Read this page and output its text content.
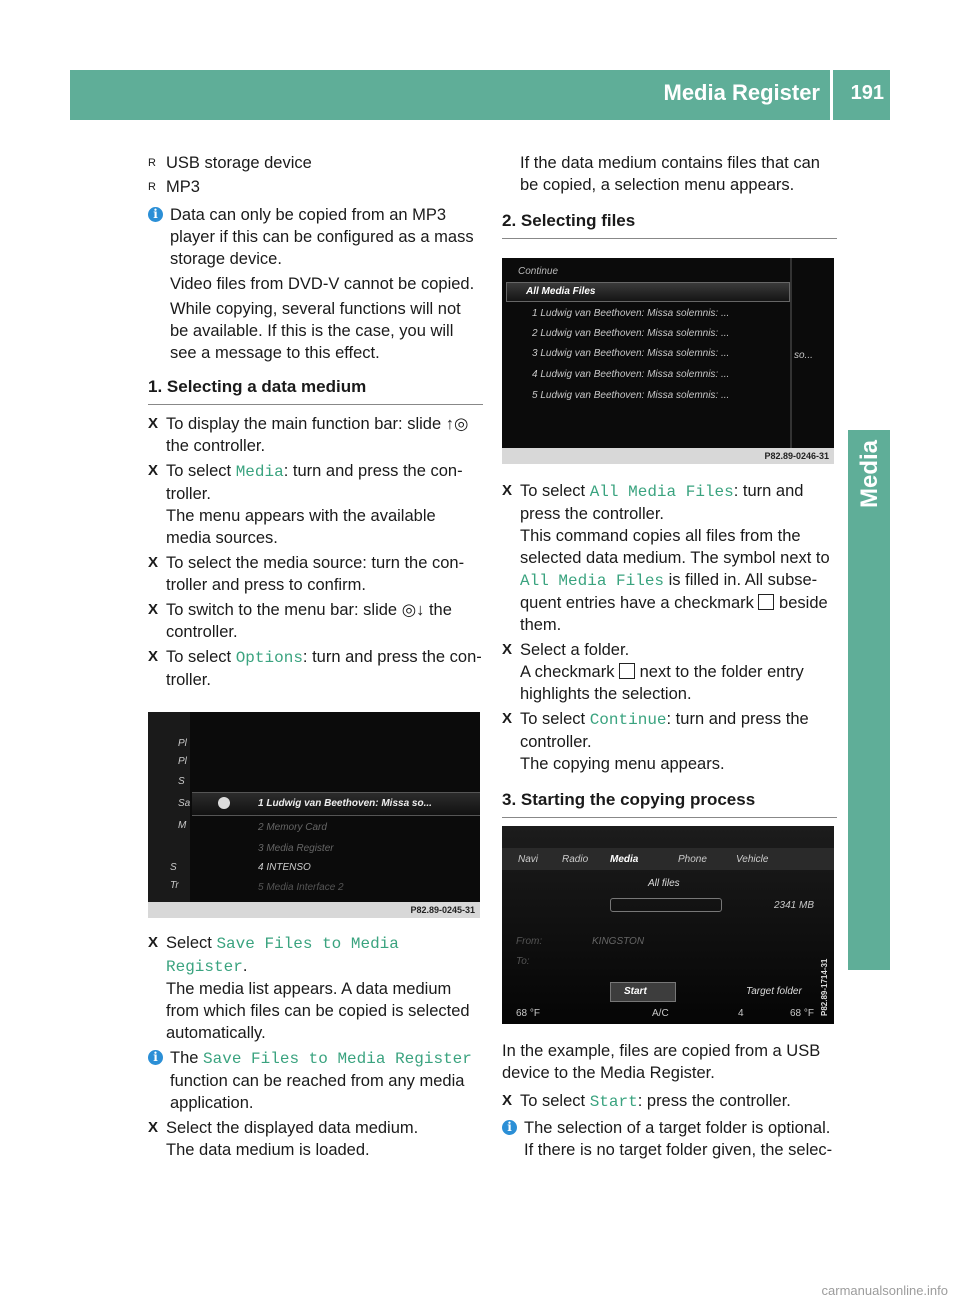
Media Register 191
Media
R USB storage device
R MP3
i Data can only be copied from an MP3 player if this can be configured as a mass storage device.
Video files from DVD-V cannot be copied.
While copying, several functions will not be available. If this is the case, you will see a message to this effect.
1. Selecting a data medium
X To display the main function bar: slide ↑◎ the controller.
X To select Media: turn and press the con-troller.
The menu appears with the available media sources.
X To select the media source: turn the con-troller and press to confirm.
X To switch to the menu bar: slide ◎↓ the controller.
X To select Options: turn and press the con-troller.
Pl
Pl
S
Sa
M
S
Tr
1 Ludwig van Beethoven: Missa so...
2 Memory Card
3 Media Register
4 INTENSO
5 Media Interface 2
P82.89-0245-31
X Select Save Files to Media Register.
The media list appears. A data medium from which files can be copied is selected automatically.
i The Save Files to Media Register function can be reached from any media application.
X Select the displayed data medium.
The data medium is loaded.
If the data medium contains files that can be copied, a selection menu appears.
2. Selecting files
Continue
All Media Files
1 Ludwig van Beethoven: Missa solemnis: ...
2 Ludwig van Beethoven: Missa solemnis: ...
3 Ludwig van Beethoven: Missa solemnis: ...
4 Ludwig van Beethoven: Missa solemnis: ...
5 Ludwig van Beethoven: Missa solemnis: ...
so...
P82.89-0246-31
X To select All Media Files: turn and press the controller.
This command copies all files from the selected data medium. The symbol next to All Media Files is filled in. All subse-quent entries have a checkmark  beside them.
X Select a folder.
A checkmark  next to the folder entry highlights the selection.
X To select Continue: turn and press the controller.
The copying menu appears.
3. Starting the copying process
Navi Radio Media	Phone	Vehicle
All files
2341 MB
From:	KINGSTON
To:
Start	Target folder
68 °F	A/C	4	68 °F P82.89-1714-31
In the example, files are copied from a USB device to the Media Register.
X To select Start: press the controller.
i The selection of a target folder is optional. If there is no target folder given, the selec-
carmanualsonline.info
